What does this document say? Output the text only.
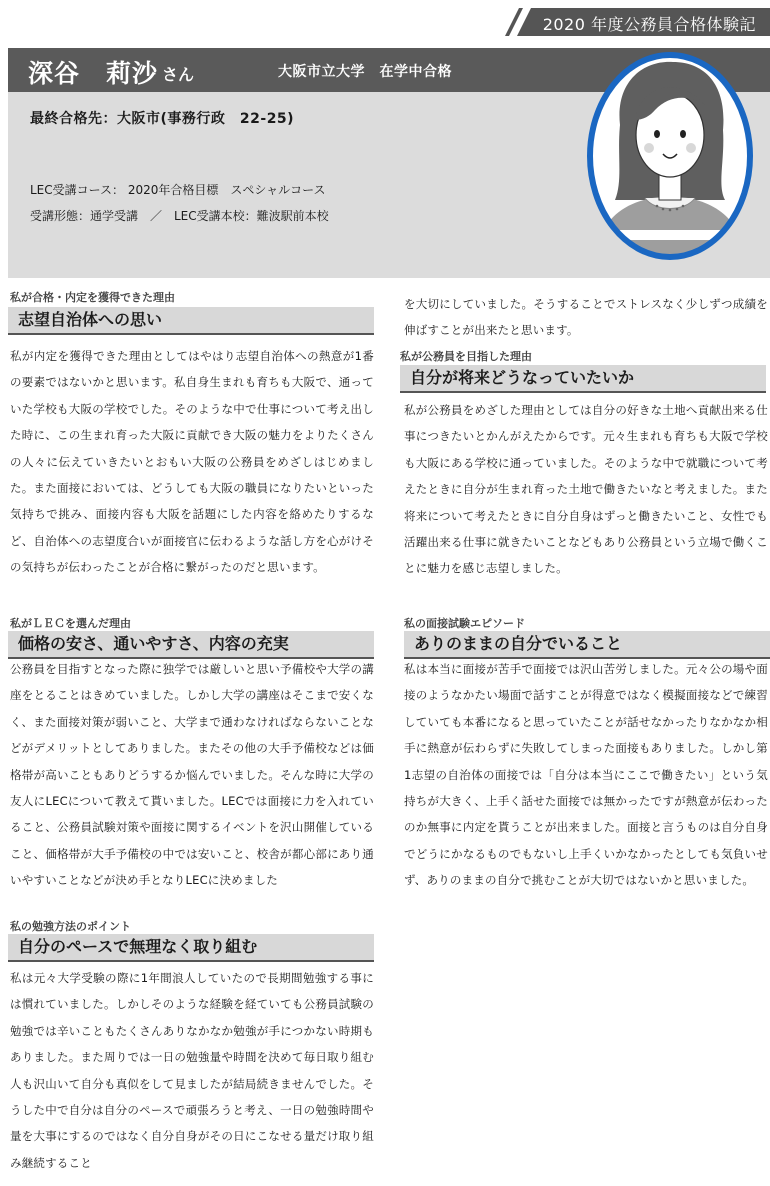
2020 年度公務員合格体験記
深谷　莉沙 さん	大阪市立大学　在学中合格
最終合格先：大阪市(事務行政　22-25)
LEC受講コース： 2020年合格目標　スペシャルコース
受講形態：通学受講　／　LEC受講本校：難波駅前本校
私が合格・内定を獲得できた理由
志望自治体への思い
私が内定を獲得できた理由としてはやはり志望自治体への熱意が1番の要素ではないかと思います。私自身生まれも育ちも大阪で、通っていた学校も大阪の学校でした。そのような中で仕事について考え出した時に、この生まれ育った大阪に貢献でき大阪の魅力をよりたくさんの人々に伝えていきたいとおもい大阪の公務員をめざしはじめました。また面接においては、どうしても大阪の職員になりたいといった気持ちで挑み、面接内容も大阪を話題にした内容を絡めたりするなど、自治体への志望度合いが面接官に伝わるような話し方を心がけその気持ちが伝わったことが合格に繋がったのだと思います。
私がＬＥＣを選んだ理由
価格の安さ、通いやすさ、内容の充実
公務員を目指すとなった際に独学では厳しいと思い予備校や大学の講座をとることはきめていました。しかし大学の講座はそこまで安くなく、また面接対策が弱いこと、大学まで通わなければならないことなどがデメリットとしてありました。またその他の大手予備校などは価格帯が高いこともありどうするか悩んでいました。そんな時に大学の友人にLECについて教えて貰いました。LECでは面接に力を入れていること、公務員試験対策や面接に関するイベントを沢山開催していること、価格帯が大手予備校の中では安いこと、校舎が都心部にあり通いやすいことなどが決め手となりLECに決めました
私の勉強方法のポイント
自分のペースで無理なく取り組む
私は元々大学受験の際に1年間浪人していたので長期間勉強する事には慣れていました。しかしそのような経験を経ていても公務員試験の勉強では辛いこともたくさんありなかなか勉強が手につかない時期もありました。また周りでは一日の勉強量や時間を決めて毎日取り組む人も沢山いて自分も真似をして見ましたが結局続きませんでした。そうした中で自分は自分のペースで頑張ろうと考え、一日の勉強時間や量を大事にするのではなく自分自身がその日にこなせる量だけ取り組み継続すること
を大切にしていました。そうすることでストレスなく少しずつ成績を伸ばすことが出来たと思います。
私が公務員を目指した理由
自分が将来どうなっていたいか
私が公務員をめざした理由としては自分の好きな土地へ貢献出来る仕事につきたいとかんがえたからです。元々生まれも育ちも大阪で学校も大阪にある学校に通っていました。そのような中で就職について考えたときに自分が生まれ育った土地で働きたいなと考えました。また将来について考えたときに自分自身はずっと働きたいこと、女性でも活躍出来る仕事に就きたいことなどもあり公務員という立場で働くことに魅力を感じ志望しました。
私の面接試験エピソード
ありのままの自分でいること
私は本当に面接が苦手で面接では沢山苦労しました。元々公の場や面接のようなかたい場面で話すことが得意ではなく模擬面接などで練習していても本番になると思っていたことが話せなかったりなかなか相手に熱意が伝わらずに失敗してしまった面接もありました。しかし第1志望の自治体の面接では「自分は本当にここで働きたい」という気持ちが大きく、上手く話せた面接では無かったですが熱意が伝わったのか無事に内定を貰うことが出来ました。面接と言うものは自分自身でどうにかなるものでもないし上手くいかなかったとしても気負いせず、ありのままの自分で挑むことが大切ではないかと思いました。
